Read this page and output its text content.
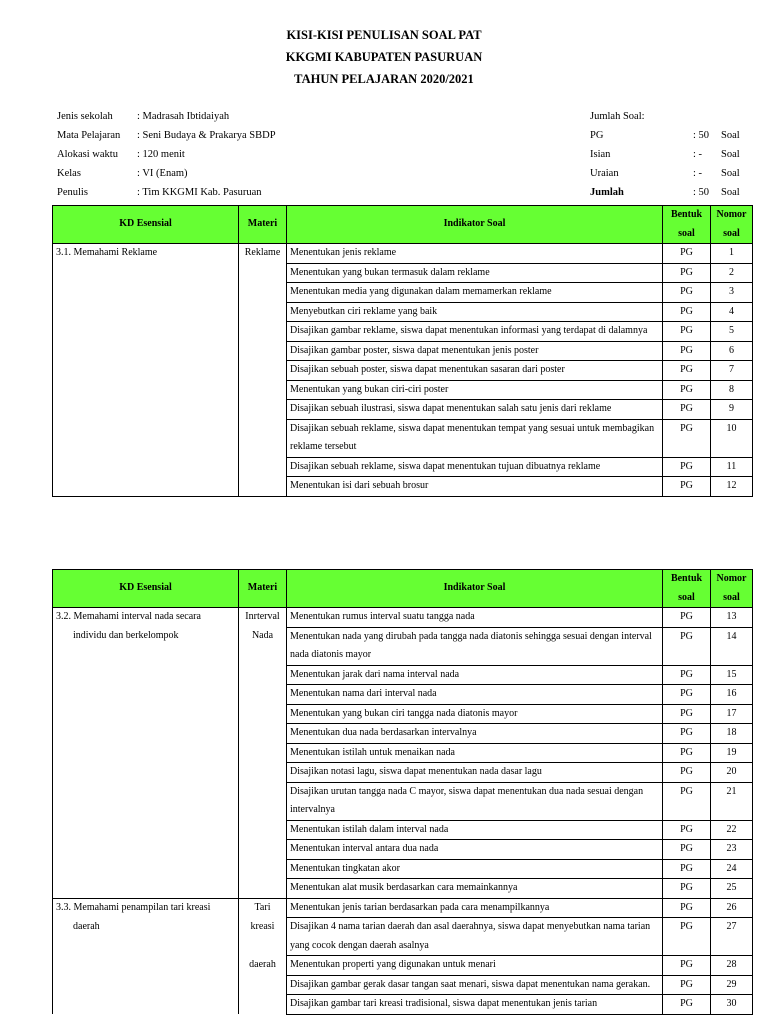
KISI-KISI PENULISAN SOAL PAT
KKGMI KABUPATEN PASURUAN
TAHUN PELAJARAN 2020/2021
Jenis sekolah	: Madrasah Ibtidaiyah
Mata Pelajaran	: Seni Budaya & Prakarya SBDP
Alokasi waktu	: 120 menit
Kelas	: VI (Enam)
Penulis	: Tim KKGMI Kab. Pasuruan
Jumlah Soal:
PG	: 50	Soal
Isian	: -	Soal
Uraian	: -	Soal
Jumlah	: 50	Soal
KD Esensial	Materi	Indikator Soal	Bentuk soal	Nomor soal
3.1. Memahami Reklame	Reklame	Menentukan jenis reklame	PG	1
		Menentukan yang bukan termasuk dalam reklame	PG	2
		Menentukan media yang digunakan dalam memamerkan reklame	PG	3
		Menyebutkan ciri reklame yang baik	PG	4
		Disajikan gambar reklame, siswa dapat menentukan informasi yang terdapat di dalamnya	PG	5
		Disajikan gambar poster, siswa dapat menentukan jenis poster	PG	6
		Disajikan sebuah poster, siswa dapat menentukan sasaran dari poster	PG	7
		Menentukan yang bukan ciri-ciri poster	PG	8
		Disajikan sebuah ilustrasi, siswa dapat menentukan salah satu jenis dari reklame	PG	9
		Disajikan sebuah reklame, siswa dapat menentukan tempat yang sesuai untuk membagikan reklame tersebut	PG	10
		Disajikan sebuah reklame, siswa dapat menentukan tujuan dibuatnya reklame	PG	11
		Menentukan isi dari sebuah brosur	PG	12
KD Esensial	Materi	Indikator Soal	Bentuk soal	Nomor soal
3.2. Memahami interval nada secara	Inrterval	Menentukan rumus interval suatu tangga nada	PG	13
individu dan berkelompok	Nada	Menentukan nada yang dirubah pada tangga nada diatonis sehingga sesuai dengan interval nada diatonis mayor	PG	14
		Menentukan jarak dari nama interval nada	PG	15
		Menentukan nama dari interval nada	PG	16
		Menentukan yang bukan ciri tangga nada diatonis mayor	PG	17
		Menentukan dua nada berdasarkan intervalnya	PG	18
		Menentukan istilah untuk menaikan nada	PG	19
		Disajikan notasi lagu, siswa dapat menentukan nada dasar lagu	PG	20
		Disajikan urutan tangga nada C mayor, siswa dapat menentukan dua nada sesuai dengan intervalnya	PG	21
		Menentukan istilah dalam interval nada	PG	22
		Menentukan interval antara dua nada	PG	23
		Menentukan tingkatan akor	PG	24
		Menentukan alat musik berdasarkan cara memainkannya	PG	25
3.3. Memahami penampilan tari kreasi	Tari	Menentukan jenis tarian berdasarkan pada cara menampilkannya	PG	26
daerah	kreasi	Disajikan 4 nama tarian daerah dan asal daerahnya, siswa dapat menyebutkan nama tarian yang cocok dengan daerah asalnya	PG	27
	daerah	Menentukan properti yang digunakan untuk menari	PG	28
		Disajikan gambar gerak dasar tangan saat menari, siswa dapat menentukan nama gerakan.	PG	29
		Disajikan gambar tari kreasi tradisional, siswa dapat menentukan jenis tarian	PG	30
